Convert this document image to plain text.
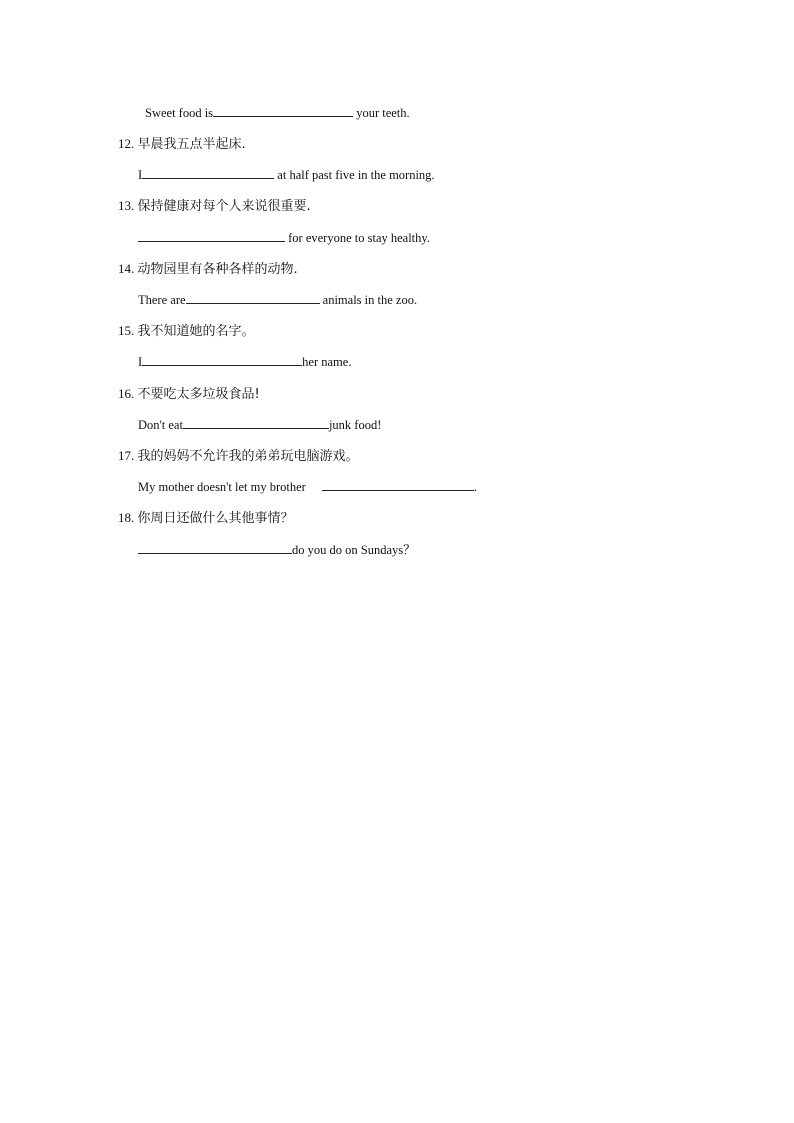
Sweet food is	your teeth.
12. 早晨我五点半起床.
I	at half past five in the morning.
13. 保持健康对每个人来说很重要.
for everyone to stay healthy.
14. 动物园里有各种各样的动物.
There are	animals in the zoo.
15. 我不知道她的名字。
I	her name.
16. 不要吃太多垃圾食品!
Don't eat	junk food!
17. 我的妈妈不允许我的弟弟玩电脑游戏。
My mother doesn't let my brother	.
18. 你周日还做什么其他事情？
do you do on Sundays？
